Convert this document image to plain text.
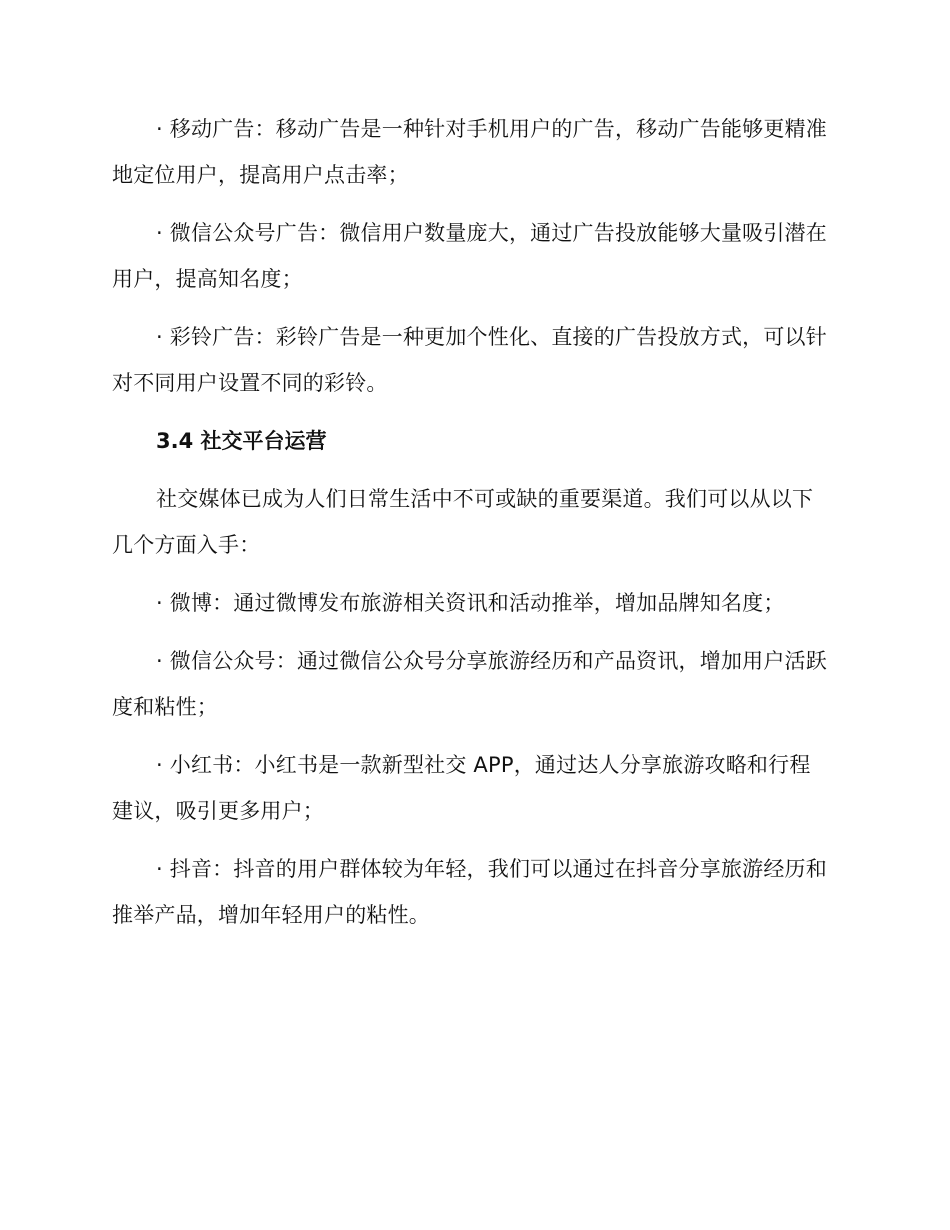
· 移动广告：移动广告是一种针对手机用户的广告，移动广告能够更精准地定位用户，提高用户点击率；

· 微信公众号广告：微信用户数量庞大，通过广告投放能够大量吸引潜在用户，提高知名度；

· 彩铃广告：彩铃广告是一种更加个性化、直接的广告投放方式，可以针对不同用户设置不同的彩铃。

3.4 社交平台运营

社交媒体已成为人们日常生活中不可或缺的重要渠道。我们可以从以下几个方面入手：

· 微博：通过微博发布旅游相关资讯和活动推举，增加品牌知名度；

· 微信公众号：通过微信公众号分享旅游经历和产品资讯，增加用户活跃度和粘性；

· 小红书：小红书是一款新型社交 APP，通过达人分享旅游攻略和行程建议，吸引更多用户；

· 抖音：抖音的用户群体较为年轻，我们可以通过在抖音分享旅游经历和推举产品，增加年轻用户的粘性。
